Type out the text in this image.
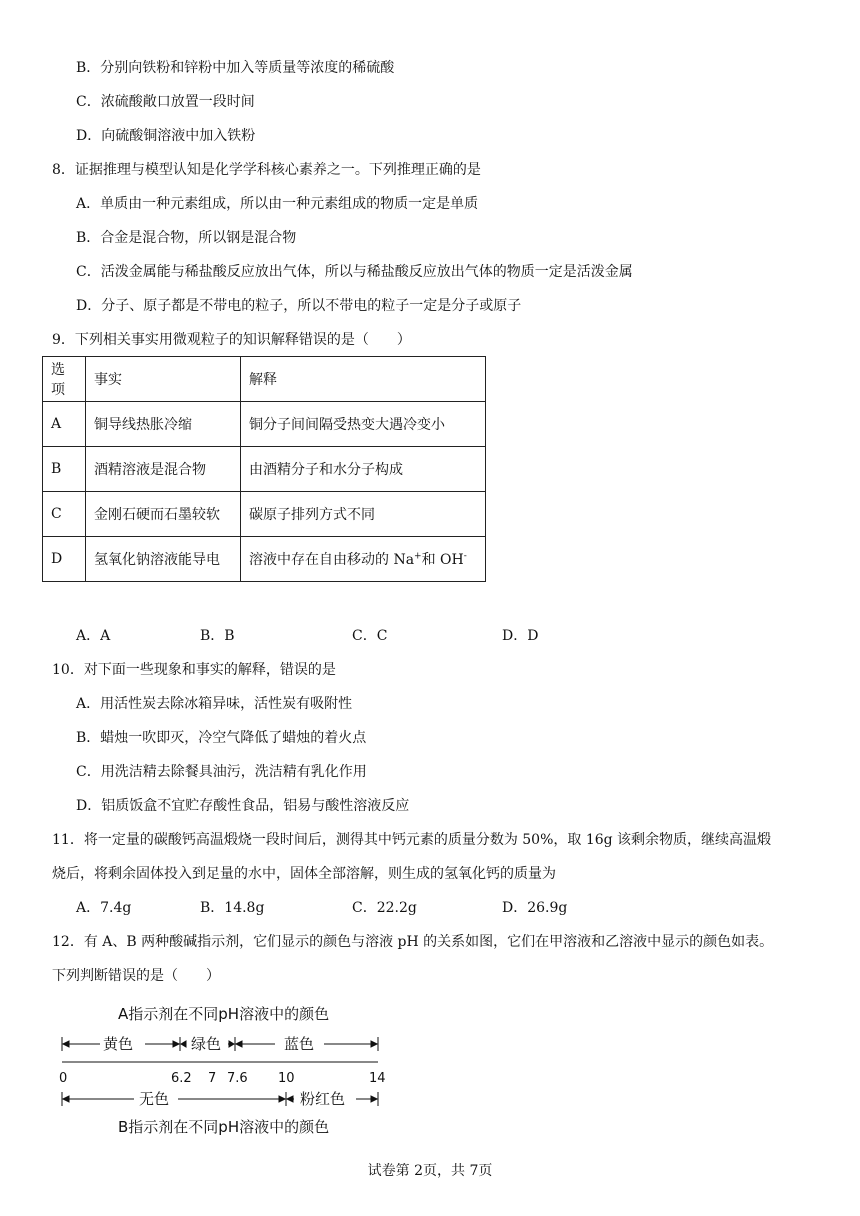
B．分别向铁粉和锌粉中加入等质量等浓度的稀硫酸
C．浓硫酸敞口放置一段时间
D．向硫酸铜溶液中加入铁粉
8．证据推理与模型认知是化学学科核心素养之一。下列推理正确的是
A．单质由一种元素组成，所以由一种元素组成的物质一定是单质
B．合金是混合物，所以钢是混合物
C．活泼金属能与稀盐酸反应放出气体，所以与稀盐酸反应放出气体的物质一定是活泼金属
D．分子、原子都是不带电的粒子，所以不带电的粒子一定是分子或原子
9．下列相关事实用微观粒子的知识解释错误的是（　　）
选项	事实	解释
A	铜导线热胀冷缩	铜分子间间隔受热变大遇冷变小
B	酒精溶液是混合物	由酒精分子和水分子构成
C	金刚石硬而石墨较软	碳原子排列方式不同
D	氢氧化钠溶液能导电	溶液中存在自由移动的 Na+和 OH-
A．A	B．B	C．C	D．D
10．对下面一些现象和事实的解释，错误的是
A．用活性炭去除冰箱异味，活性炭有吸附性
B．蜡烛一吹即灭，冷空气降低了蜡烛的着火点
C．用洗洁精去除餐具油污，洗洁精有乳化作用
D．铝质饭盒不宜贮存酸性食品，铝易与酸性溶液反应
11．将一定量的碳酸钙高温煅烧一段时间后，测得其中钙元素的质量分数为 50%，取 16g 该剩余物质，继续高温煅
烧后，将剩余固体投入到足量的水中，固体全部溶解，则生成的氢氧化钙的质量为
A．7.4g	B．14.8g	C．22.2g	D．26.9g
12．有 A、B 两种酸碱指示剂，它们显示的颜色与溶液 pH 的关系如图，它们在甲溶液和乙溶液中显示的颜色如表。
下列判断错误的是（　　）
A指示剂在不同pH溶液中的颜色
黄色	绿色	蓝色
0	6.2 7 7.6 10	14
无色	粉红色
B指示剂在不同pH溶液中的颜色
试卷第 2页，共 7页
